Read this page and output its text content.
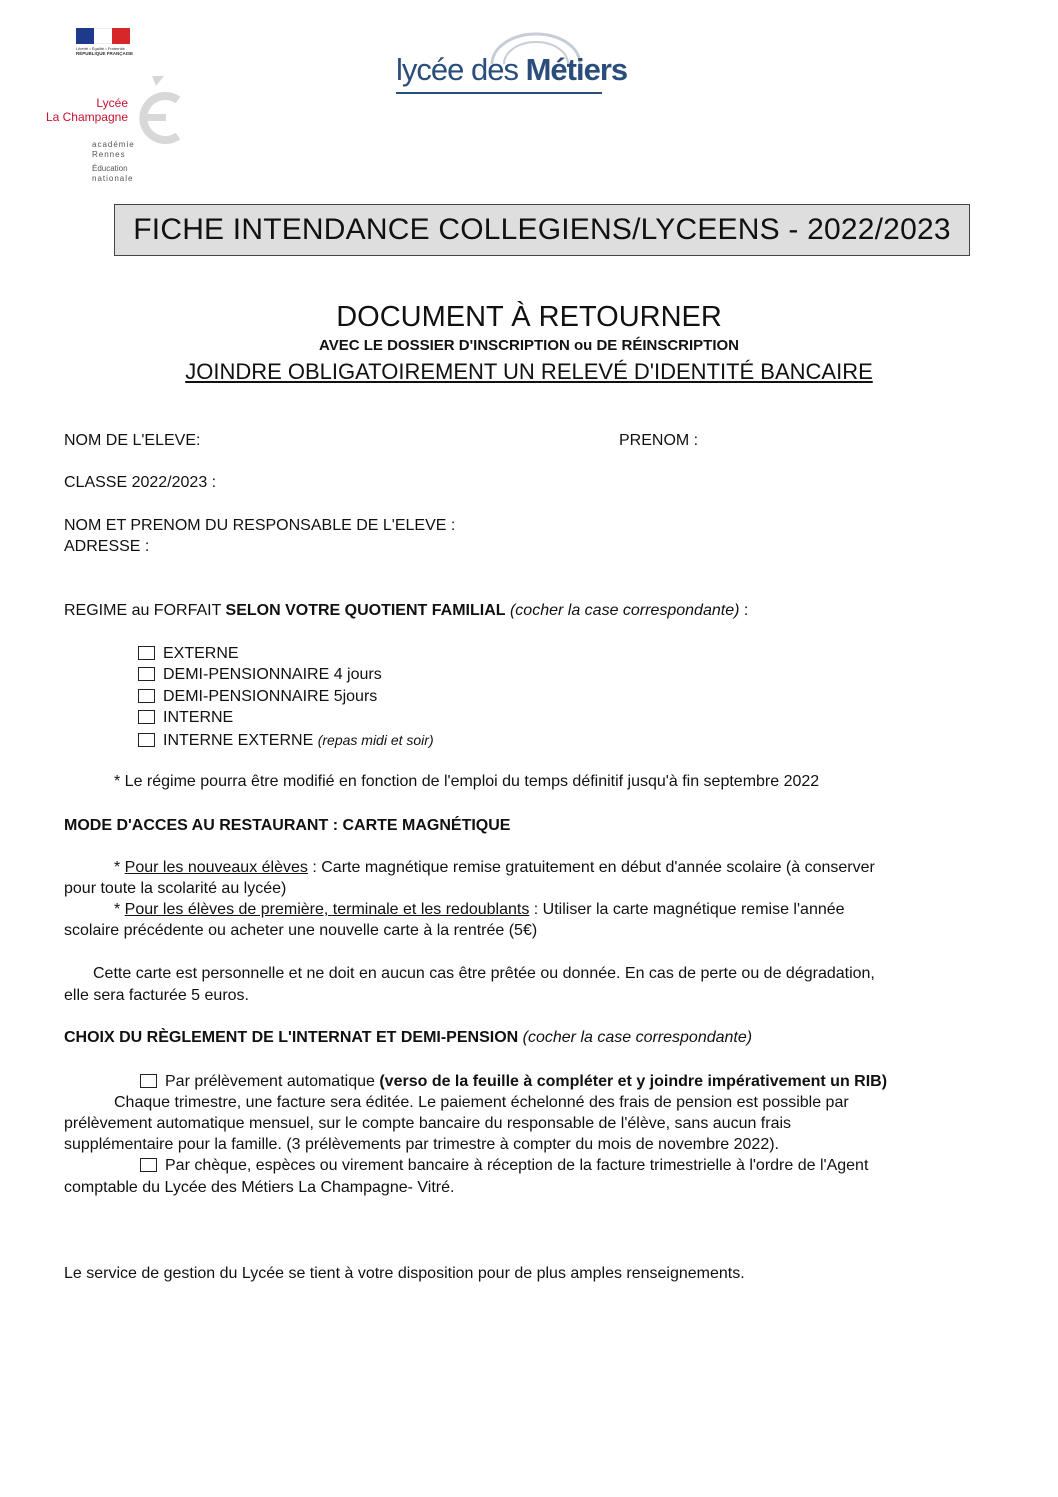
Liberté • Égalité • Fraternité
RÉPUBLIQUE FRANÇAISE
Lycée
La Champagne
académie
Rennes
Éducation
nationale
lycée des Métiers
FICHE INTENDANCE COLLEGIENS/LYCEENS - 2022/2023
DOCUMENT À RETOURNER
AVEC LE DOSSIER D'INSCRIPTION ou DE RÉINSCRIPTION
JOINDRE OBLIGATOIREMENT UN RELEVÉ D'IDENTITÉ BANCAIRE
NOM DE L'ELEVE:	PRENOM :
CLASSE 2022/2023 :
NOM ET PRENOM DU RESPONSABLE DE L'ELEVE :
ADRESSE :
REGIME au FORFAIT SELON VOTRE QUOTIENT FAMILIAL (cocher la case correspondante) :
EXTERNE
DEMI-PENSIONNAIRE 4 jours
DEMI-PENSIONNAIRE 5jours
INTERNE
INTERNE EXTERNE (repas midi et soir)
* Le régime pourra être modifié en fonction de l'emploi du temps définitif jusqu'à fin septembre 2022
MODE D'ACCES AU RESTAURANT : CARTE MAGNÉTIQUE
* Pour les nouveaux élèves : Carte magnétique remise gratuitement en début d'année scolaire (à conserver
pour toute la scolarité au lycée)
* Pour les élèves de première, terminale et les redoublants : Utiliser la carte magnétique remise l'année
scolaire précédente ou acheter une nouvelle carte à la rentrée (5€)
Cette carte est personnelle et ne doit en aucun cas être prêtée ou donnée. En cas de perte ou de dégradation,
elle sera facturée 5 euros.
CHOIX DU RÈGLEMENT DE L'INTERNAT ET DEMI-PENSION (cocher la case correspondante)
Par prélèvement automatique (verso de la feuille à compléter et y joindre impérativement un RIB)
Chaque trimestre, une facture sera éditée. Le paiement échelonné des frais de pension est possible par
prélèvement automatique mensuel, sur le compte bancaire du responsable de l'élève, sans aucun frais
supplémentaire pour la famille. (3 prélèvements par trimestre à compter du mois de novembre 2022).
Par chèque, espèces ou virement bancaire à réception de la facture trimestrielle à l'ordre de l'Agent
comptable du Lycée des Métiers La Champagne- Vitré.
Le service de gestion du Lycée se tient à votre disposition pour de plus amples renseignements.
